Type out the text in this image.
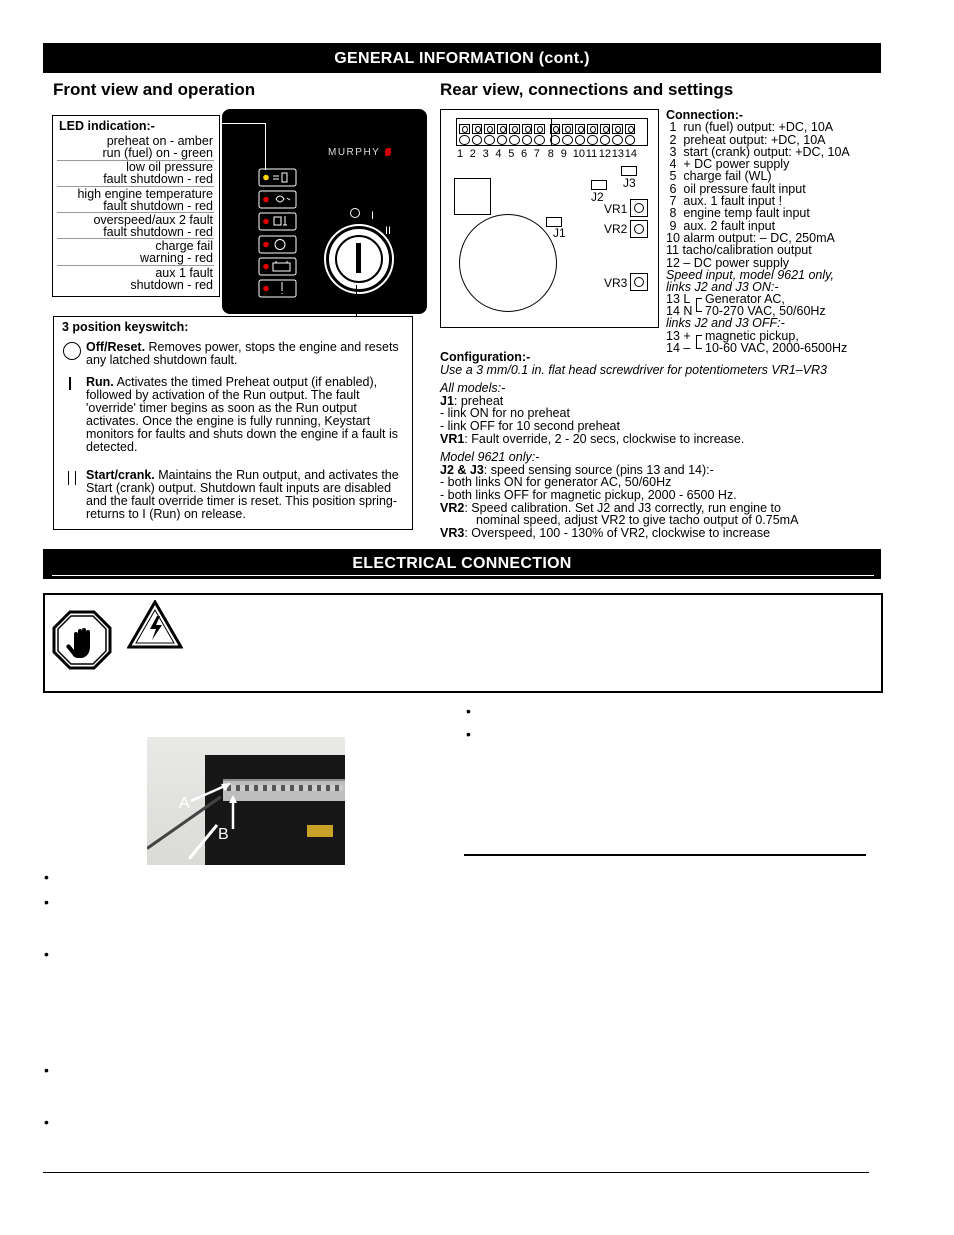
GENERAL INFORMATION (cont.)
Front view and operation	Rear view, connections and settings
LED indication:-
preheat on - amber
run (fuel) on - green
low oil pressure
fault shutdown - red
high engine temperature
fault shutdown - red
overspeed/aux 2 fault
fault shutdown - red
charge fail
warning - red
aux 1 fault
shutdown - red
MURPHY
I
II
3 position keyswitch:
Off/Reset. Removes power, stops the engine and resets any latched shutdown fault.
Run. Activates the timed Preheat output (if enabled), followed by activation of the Run output. The fault 'override' timer begins as soon as the Run output activates. Once the engine is fully running, Keystart monitors for faults and shuts down the engine if a fault is detected.
Start/crank. Maintains the Run output, and activates the Start (crank) output. Shutdown fault inputs are disabled and the fault override timer is reset. This position spring-returns to I (Run) on release.
1 2 3 4 5 6 7 8 9 1011 121314
J1
J2
J3
VR1
VR2
VR3
Connection:-
1  run (fuel) output: +DC, 10A
2  preheat output: +DC, 10A
3  start (crank) output: +DC, 10A
4  + DC power supply
5  charge fail (WL)
6  oil pressure fault input
7  aux. 1 fault input !
8  engine temp fault input
9  aux. 2 fault input
10 alarm output: – DC, 250mA
11 tacho/calibration output
12 – DC power supply
Speed input, model 9621 only,
links J2 and J3 ON:-
13 L
14 N
Generator AC,
70-270 VAC, 50/60Hz
links J2 and J3 OFF:-
13 +
14 –
magnetic pickup,
10-60 VAC, 2000-6500Hz
Configuration:-
Use a 3 mm/0.1 in. flat head screwdriver for potentiometers VR1–VR3
All models:-
J1: preheat
- link ON for no preheat
- link OFF for 10 second preheat
VR1: Fault override, 2 - 20 secs, clockwise to increase.
Model 9621 only:-
J2 & J3: speed sensing source (pins 13 and 14):-
- both links ON for generator AC, 50/60Hz
- both links OFF for magnetic pickup, 2000 - 6500 Hz.
VR2: Speed calibration. Set J2 and J3 correctly, run engine to
nominal speed, adjust VR2 to give tacho output of 0.75mA
VR3: Overspeed, 100 - 130% of VR2, clockwise to increase
ELECTRICAL CONNECTION
•
•
A
B
•
•
•
•
•
